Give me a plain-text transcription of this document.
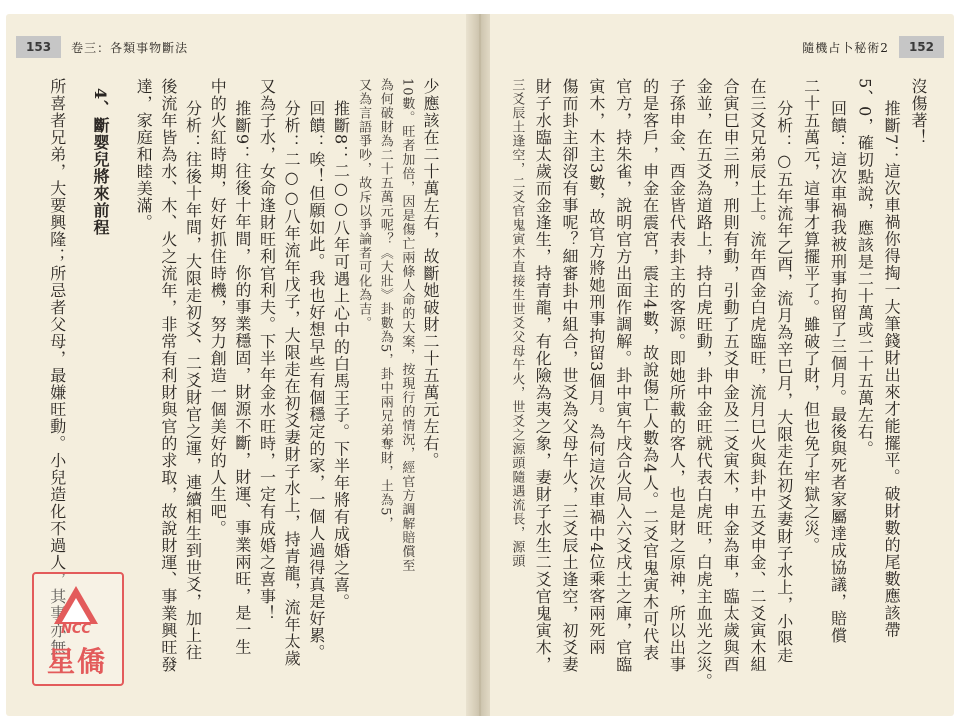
153	卷三：各類事物斷法
少應該在二十萬左右，故斷她破財二十五萬元左右。
10數。旺者加倍，因是傷亡兩條人命的大案，按現行的情況，經官方調解賠償至
為何破財為二十五萬元呢？《大壯》卦數為5，卦中兩兄弟奪財，土為5，
又為言語爭吵，故斥以爭論者可化為吉。
推斷8：二○○八年可遇上心中的白馬王子。下半年將有成婚之喜。
回饋：唉！但願如此。我也好想早些有個穩定的家，一個人過得真是好累。
分析：二○○八年流年戊子，大限走在初爻妻財子水上，持青龍，流年太歲
又為子水，女命逢財旺利官利夫。下半年金水旺時，一定有成婚之喜事！
推斷9：往後十年間，你的事業穩固，財源不斷，財運、事業兩旺，是一生
中的火紅時期，好好抓住時機，努力創造一個美好的人生吧。
分析：往後十年間，大限走初爻、二爻財官之運，連續相生到世爻，加上往
後流年皆為水、木、火之流年，非常有利財與官的求取，故說財運、事業興旺發
達，家庭和睦美滿。
4、斷婴兒將來前程
所喜者兄弟，大要興隆；所忌者父母，最嫌旺動。小兒造化不過人，其事亦無
隨機占卜秘術2	152
沒傷著！
推斷7：這次車禍你得掏一大筆錢財出來才能擺平。破財數的尾數應該帶
5、0，確切點說，應該是二十萬或二十五萬左右。
回饋：這次車禍我被刑事拘留了三個月。最後與死者家屬達成協議，賠償
二十五萬元，這事才算擺平了。雖破了財，但也免了牢獄之災。
分析：○五年流年乙酉，流月為辛巳月，大限走在初爻妻財子水上，小限走
在三爻兄弟辰土上。流年酉金白虎臨旺，流月巳火與卦中五爻申金、二爻寅木組
合寅巳申三刑，刑則有動，引動了五爻申金及二爻寅木，申金為車，臨太歲與酉
金並，在五爻為道路上，持白虎旺動，卦中金旺就代表白虎旺，白虎主血光之災。
子孫申金、酉金皆代表卦主的客源。即她所載的客人，也是財之原神，所以出事
的是客戶，申金在震宮，震主4數，故說傷亡人數為4人。二爻官鬼寅木可代表
官方，持朱雀，說明官方出面作調解。卦中寅午戌合火局入六爻戌土之庫，官臨
寅木，木主3數，故官方將她刑事拘留3個月。為何這次車禍中4位乘客兩死兩
傷而卦主卻沒有事呢？細審卦中組合，世爻為父母午火，三爻辰土逢空，初爻妻
財子水臨太歲而金逢生，持青龍，有化險為夷之象，妻財子水生二爻官鬼寅木，
三爻辰土逢空，二爻官鬼寅木直接生世爻父母午火，世爻之源頭隨遇流長，源頭
NCC
星僑
